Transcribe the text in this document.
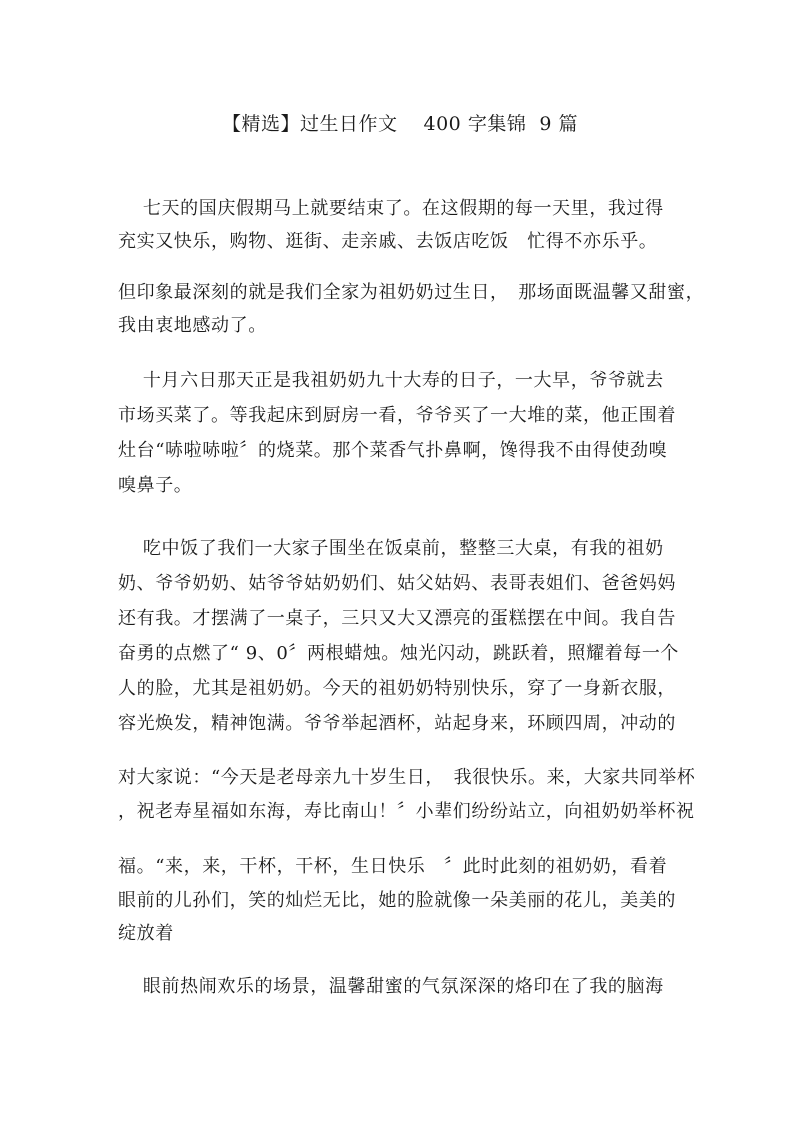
【精选】过生日作文　 400 字集锦  9 篇
　 七天的国庆假期马上就要结束了。在这假期的每一天里，我过得
充实又快乐，购物、逛街、走亲戚、去饭店吃饭　忙得不亦乐乎。
但印象最深刻的就是我们全家为祖奶奶过生日，　那场面既温馨又甜蜜，
我由衷地感动了。
　 十月六日那天正是我祖奶奶九十大寿的日子，一大早，爷爷就去
市场买菜了。等我起床到厨房一看，爷爷买了一大堆的菜，他正围着
灶台“哧啦哧啦〞的烧菜。那个菜香气扑鼻啊，馋得我不由得使劲嗅
嗅鼻子。
　 吃中饭了我们一大家子围坐在饭桌前，整整三大桌，有我的祖奶
奶、爷爷奶奶、姑爷爷姑奶奶们、姑父姑妈、表哥表姐们、爸爸妈妈
还有我。才摆满了一桌子，三只又大又漂亮的蛋糕摆在中间。我自告
奋勇的点燃了“ 9、0〞两根蜡烛。烛光闪动，跳跃着，照耀着每一个
人的脸，尤其是祖奶奶。今天的祖奶奶特别快乐，穿了一身新衣服，
容光焕发，精神饱满。爷爷举起酒杯，站起身来，环顾四周，冲动的
对大家说：“今天是老母亲九十岁生日，　我很快乐。来，大家共同举杯
，祝老寿星福如东海，寿比南山！〞小辈们纷纷站立，向祖奶奶举杯祝
福。“来，来，干杯，干杯，生日快乐　〞此时此刻的祖奶奶，看着
眼前的儿孙们，笑的灿烂无比，她的脸就像一朵美丽的花儿，美美的
绽放着
　 眼前热闹欢乐的场景，温馨甜蜜的气氛深深的烙印在了我的脑海
